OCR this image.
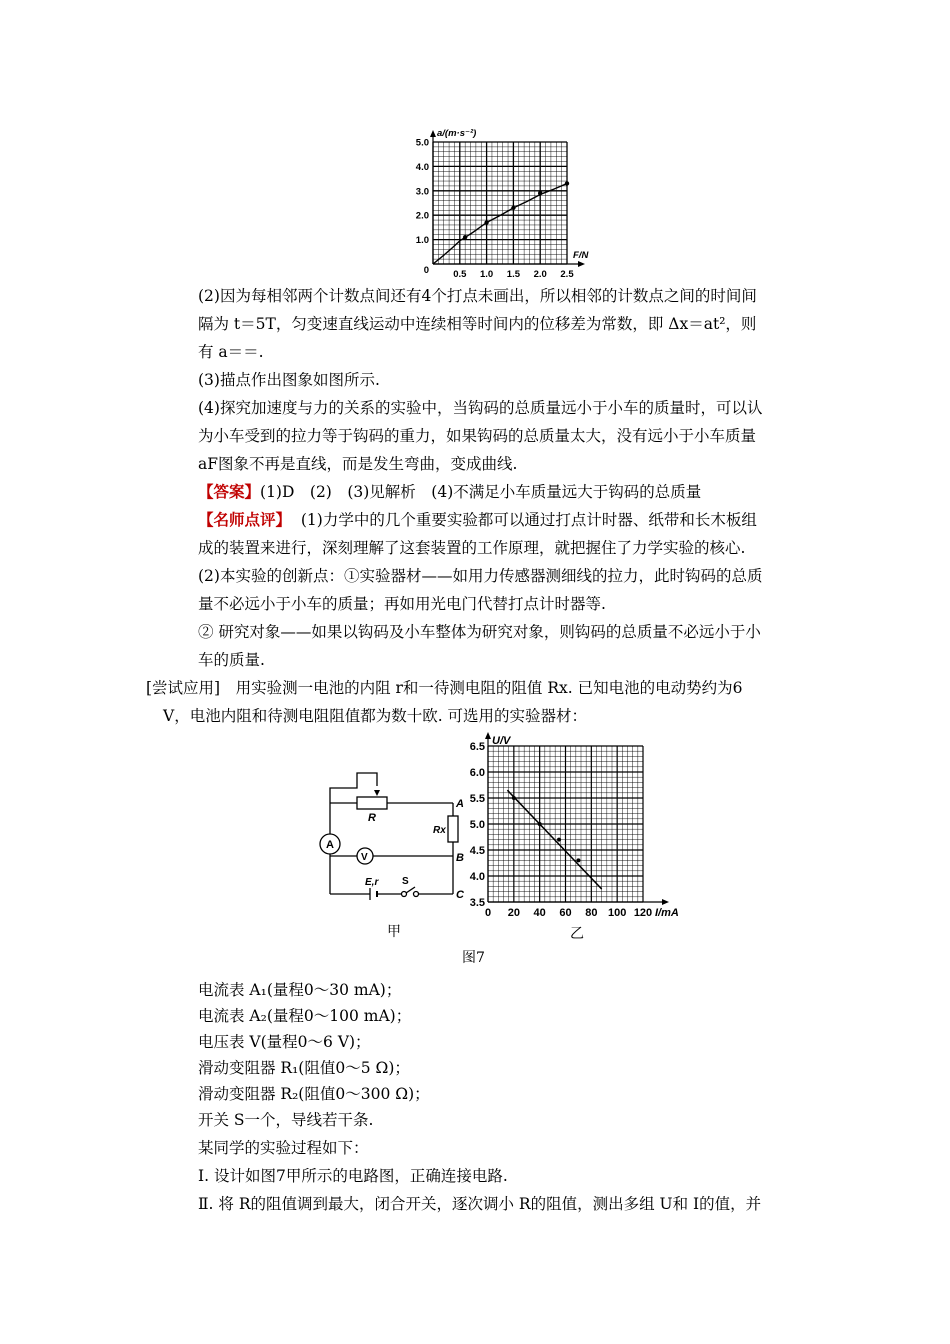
0.5 1.0 1.5 2.0 2.5
1.0
2.0
3.0
4.0
5.0
0
F/N
a/(m·s⁻²)
(2)因为每相邻两个计数点间还有4个打点未画出，所以相邻的计数点之间的时间间
隔为 t＝5T，匀变速直线运动中连续相等时间内的位移差为常数，即 Δx＝at²，则
有 a＝＝.
(3)描点作出图象如图所示.
(4)探究加速度与力的关系的实验中，当钩码的总质量远小于小车的质量时，可以认
为小车受到的拉力等于钩码的重力，如果钩码的总质量太大，没有远小于小车质量
aF图象不再是直线，而是发生弯曲，变成曲线.
【答案】(1)D　(2)　(3)见解析　(4)不满足小车质量远大于钩码的总质量
【名师点评】 (1)力学中的几个重要实验都可以通过打点计时器、纸带和长木板组
成的装置来进行，深刻理解了这套装置的工作原理，就把握住了力学实验的核心.
(2)本实验的创新点：①实验器材——如用力传感器测细线的拉力，此时钩码的总质
量不必远小于小车的质量；再如用光电门代替打点计时器等.
② 研究对象——如果以钩码及小车整体为研究对象，则钩码的总质量不必远小于小
车的质量.
[尝试应用]　用实验测一电池的内阻 r和一待测电阻的阻值 Rx. 已知电池的电动势约为6
V，电池内阻和待测电阻阻值都为数十欧. 可选用的实验器材：
A
V
R
Rx
A
B
C
E,r S
甲
20 40 60 80 100 120
0
4.0
4.5
5.0
5.5
6.0
6.5
3.5
I/mA
U/V
乙
图7
电流表 A₁(量程0～30 mA)；
电流表 A₂(量程0～100 mA)；
电压表 V(量程0～6 V)；
滑动变阻器 R₁(阻值0～5 Ω)；
滑动变阻器 R₂(阻值0～300 Ω)；
开关 S一个，导线若干条.
某同学的实验过程如下：
Ⅰ. 设计如图7甲所示的电路图，正确连接电路.
Ⅱ. 将 R的阻值调到最大，闭合开关，逐次调小 R的阻值，测出多组 U和 I的值，并
